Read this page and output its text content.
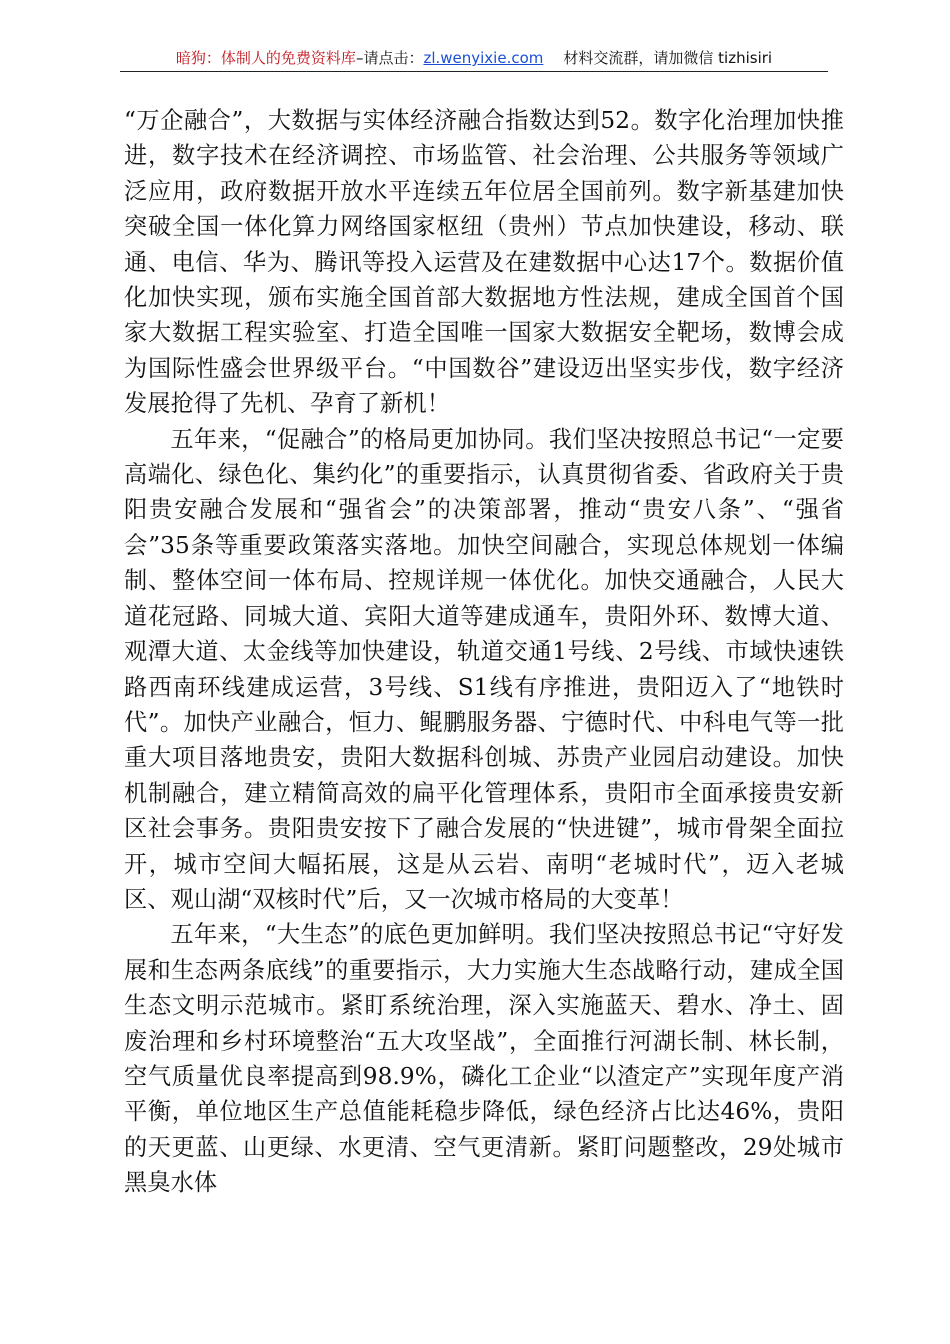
暗狗：体制人的免费资料库–请点击：zl.wenyixie.com 材料交流群，请加微信 tizhisiri

“万企融合”，大数据与实体经济融合指数达到52。数字化治理加快推进，数字技术在经济调控、市场监管、社会治理、公共服务等领域广泛应用，政府数据开放水平连续五年位居全国前列。数字新基建加快突破全国一体化算力网络国家枢纽（贵州）节点加快建设，移动、联通、电信、华为、腾讯等投入运营及在建数据中心达17个。数据价值化加快实现，颁布实施全国首部大数据地方性法规，建成全国首个国家大数据工程实验室、打造全国唯一国家大数据安全靶场，数博会成为国际性盛会世界级平台。“中国数谷”建设迈出坚实步伐，数字经济发展抢得了先机、孕育了新机！

五年来，“促融合”的格局更加协同。我们坚决按照总书记“一定要高端化、绿色化、集约化”的重要指示，认真贯彻省委、省政府关于贵阳贵安融合发展和“强省会”的决策部署，推动“贵安八条”、“强省会”35条等重要政策落实落地。加快空间融合，实现总体规划一体编制、整体空间一体布局、控规详规一体优化。加快交通融合，人民大道花冠路、同城大道、宾阳大道等建成通车，贵阳外环、数博大道、观潭大道、太金线等加快建设，轨道交通1号线、2号线、市域快速铁路西南环线建成运营，3号线、S1线有序推进，贵阳迈入了“地铁时代”。加快产业融合，恒力、鲲鹏服务器、宁德时代、中科电气等一批重大项目落地贵安，贵阳大数据科创城、苏贵产业园启动建设。加快机制融合，建立精简高效的扁平化管理体系，贵阳市全面承接贵安新区社会事务。贵阳贵安按下了融合发展的“快进键”，城市骨架全面拉开，城市空间大幅拓展，这是从云岩、南明“老城时代”，迈入老城区、观山湖“双核时代”后，又一次城市格局的大变革！

五年来，“大生态”的底色更加鲜明。我们坚决按照总书记“守好发展和生态两条底线”的重要指示，大力实施大生态战略行动，建成全国生态文明示范城市。紧盯系统治理，深入实施蓝天、碧水、净土、固废治理和乡村环境整治“五大攻坚战”，全面推行河湖长制、林长制，空气质量优良率提高到98.9%，磷化工企业“以渣定产”实现年度产消平衡，单位地区生产总值能耗稳步降低，绿色经济占比达46%，贵阳的天更蓝、山更绿、水更清、空气更清新。紧盯问题整改，29处城市黑臭水体
